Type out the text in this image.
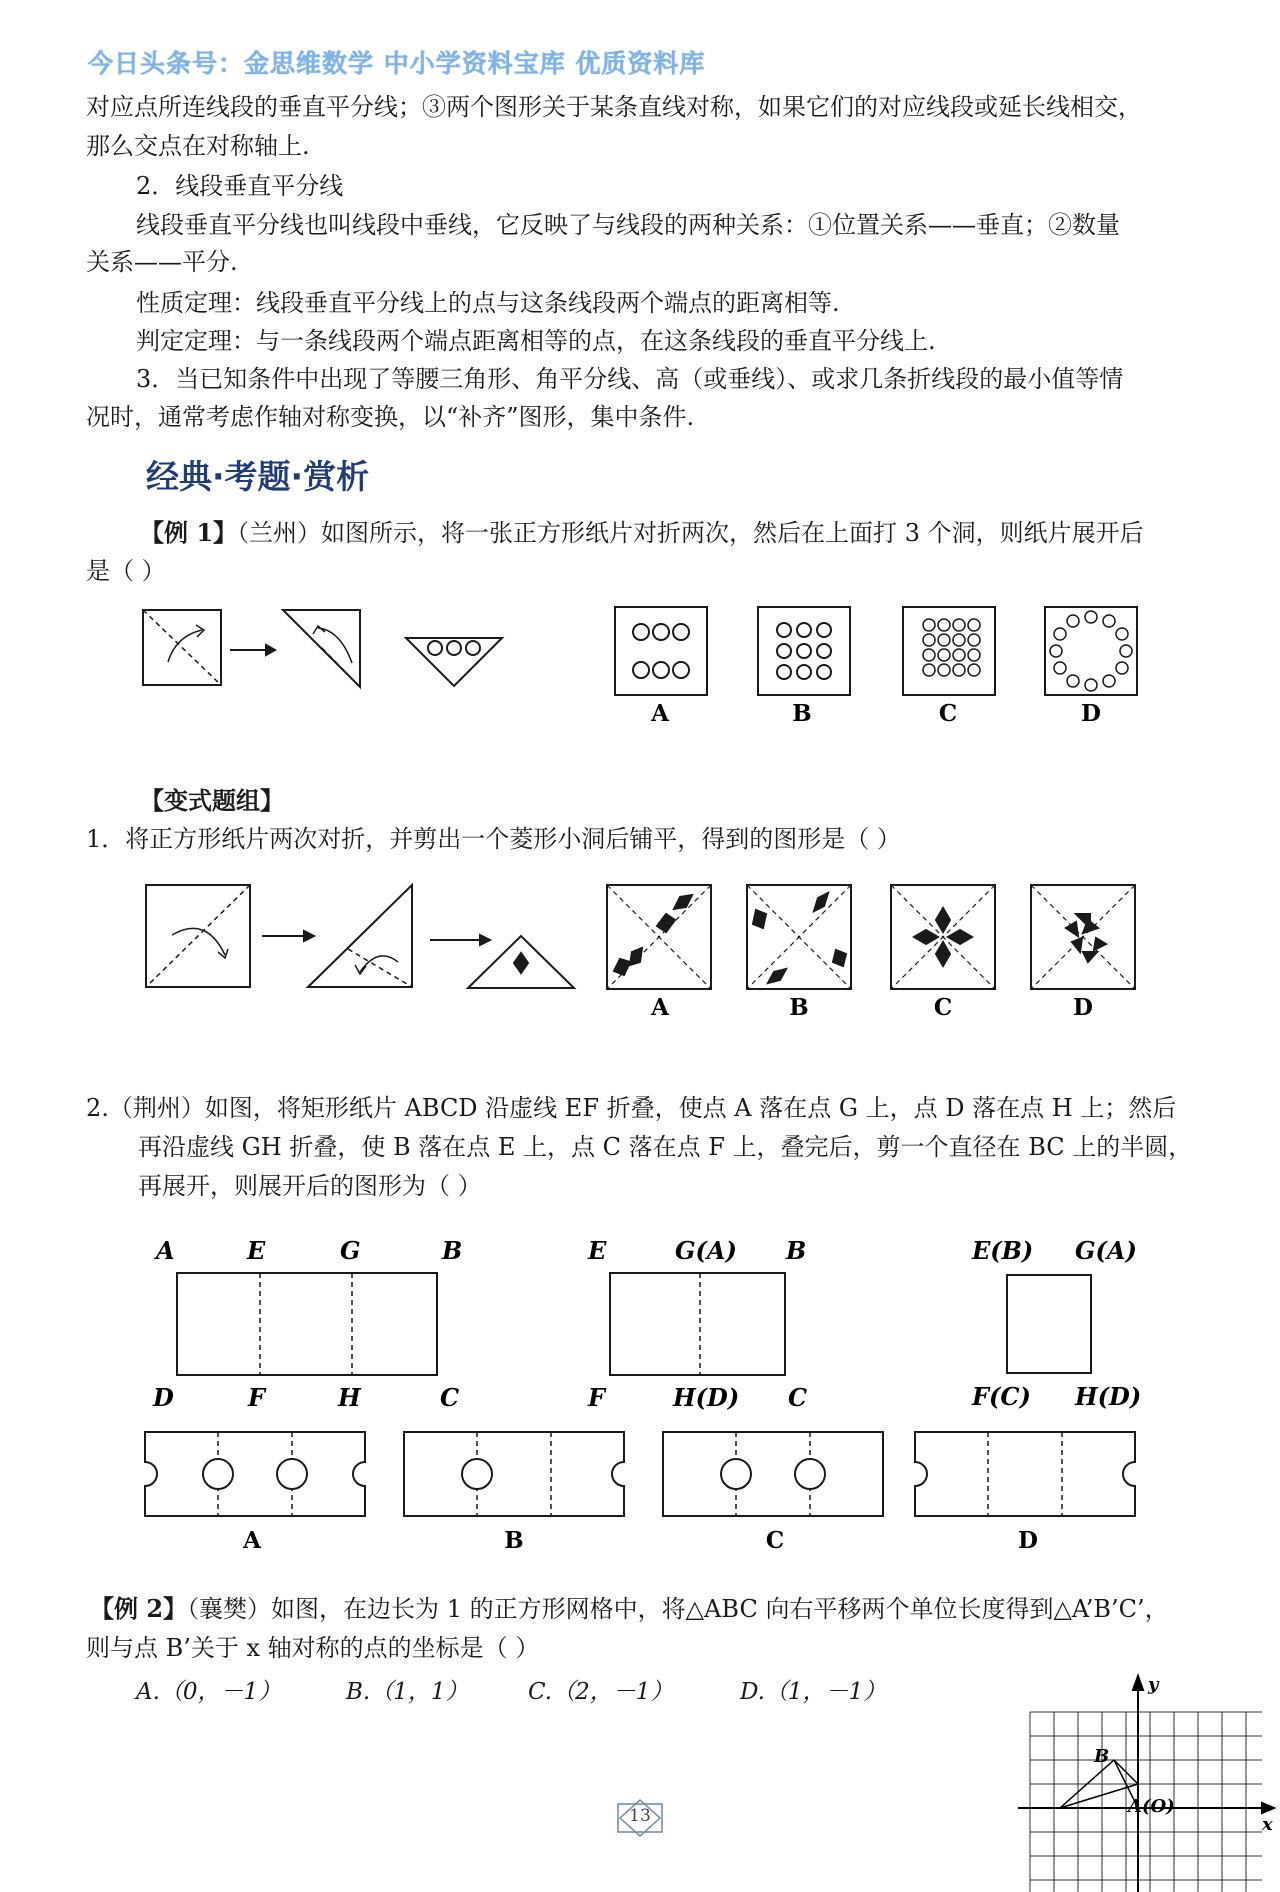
今日头条号：金思维数学 中小学资料宝库 优质资料库
对应点所连线段的垂直平分线；③两个图形关于某条直线对称，如果它们的对应线段或延长线相交，
那么交点在对称轴上.
2．线段垂直平分线
线段垂直平分线也叫线段中垂线，它反映了与线段的两种关系：①位置关系——垂直；②数量
关系——平分.
性质定理：线段垂直平分线上的点与这条线段两个端点的距离相等.
判定定理：与一条线段两个端点距离相等的点，在这条线段的垂直平分线上.
3．当已知条件中出现了等腰三角形、角平分线、高（或垂线）、或求几条折线段的最小值等情
况时，通常考虑作轴对称变换，以“补齐”图形，集中条件.
经典·考题·赏析
【例 1】（兰州）如图所示，将一张正方形纸片对折两次，然后在上面打 3 个洞，则纸片展开后
是（ ）
A	B	C	D
【变式题组】
1．将正方形纸片两次对折，并剪出一个菱形小洞后铺平，得到的图形是（ ）
A	B	C	D
2.（荆州）如图，将矩形纸片 ABCD 沿虚线 EF 折叠，使点 A 落在点 G 上，点 D 落在点 H 上；然后
再沿虚线 GH 折叠，使 B 落在点 E 上，点 C 落在点 F 上，叠完后，剪一个直径在 BC 上的半圆，
再展开，则展开后的图形为（ ）
A	E	G	B
D	F	H	C
E	G(A) B
F	H(D) C
E(B) G(A)
F(C) H(D)
A	B	C	D
【例 2】（襄樊）如图，在边长为 1 的正方形网格中，将△ABC 向右平移两个单位长度得到△A’B’C’，
则与点 B’关于 x 轴对称的点的坐标是（ ）
A.（0，－1）	B.（1，1）	C.（2，－1）	D.（1，－1）	y
x
B
A(O)
13
